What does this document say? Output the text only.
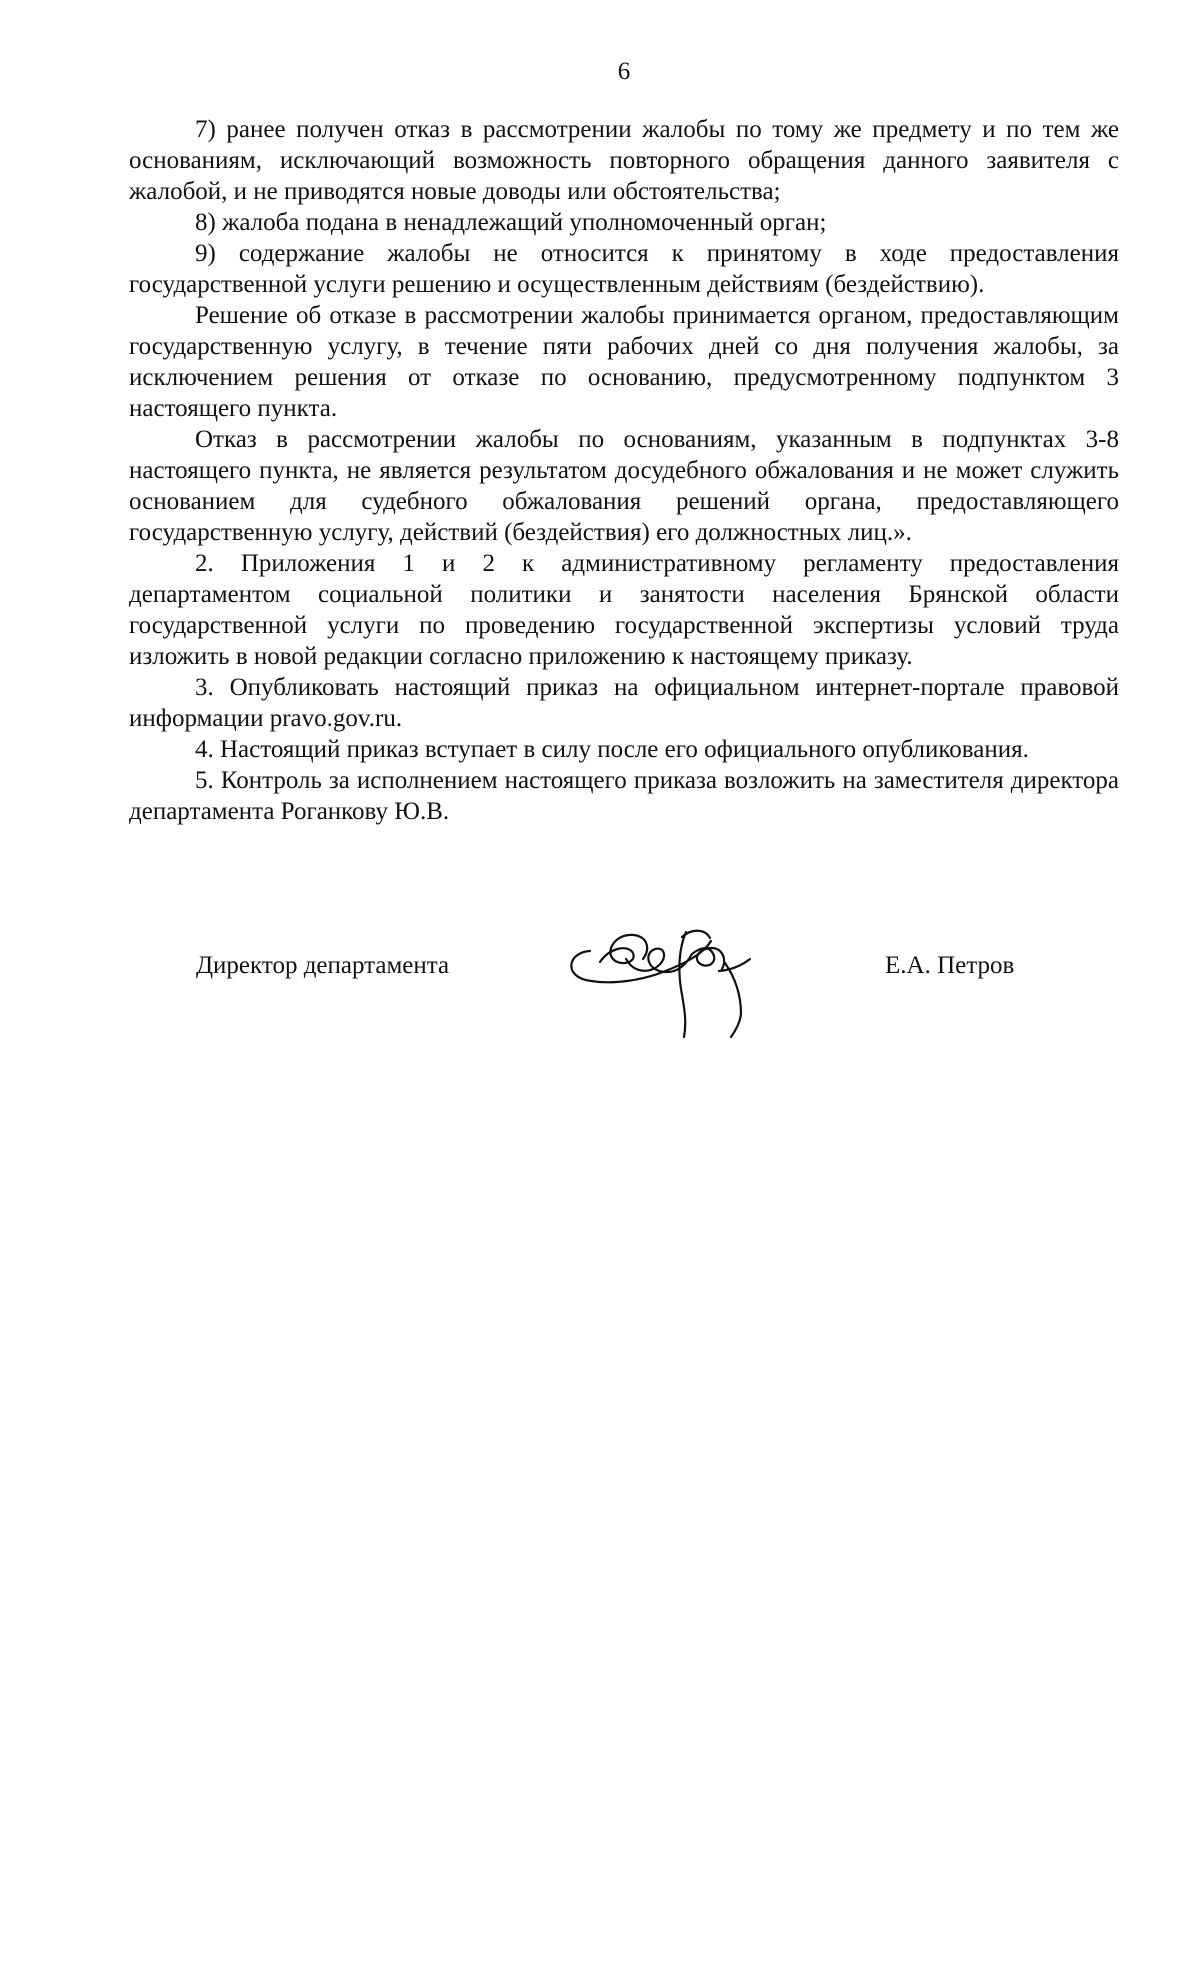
6

7) ранее получен отказ в рассмотрении жалобы по тому же предмету и по тем же основаниям, исключающий возможность повторного обращения данного заявителя с жалобой, и не приводятся новые доводы или обстоятельства;

8) жалоба подана в ненадлежащий уполномоченный орган;

9) содержание жалобы не относится к принятому в ходе предоставления государственной услуги решению и осуществленным действиям (бездействию).

Решение об отказе в рассмотрении жалобы принимается органом, предоставляющим государственную услугу, в течение пяти рабочих дней со дня получения жалобы, за исключением решения от отказе по основанию, предусмотренному подпунктом 3 настоящего пункта.

Отказ в рассмотрении жалобы по основаниям, указанным в подпунктах 3-8 настоящего пункта, не является результатом досудебного обжалования и не может служить основанием для судебного обжалования решений органа, предоставляющего государственную услугу, действий (бездействия) его должностных лиц.».

2. Приложения 1 и 2 к административному регламенту предоставления департаментом социальной политики и занятости населения Брянской области государственной услуги по проведению государственной экспертизы условий труда изложить в новой редакции согласно приложению к настоящему приказу.

3. Опубликовать настоящий приказ на официальном интернет-портале правовой информации pravo.gov.ru.

4. Настоящий приказ вступает в силу после его официального опубликования.

5. Контроль за исполнением настоящего приказа возложить на заместителя директора департамента Роганкову Ю.В.

Директор департамента	Е.А. Петров
